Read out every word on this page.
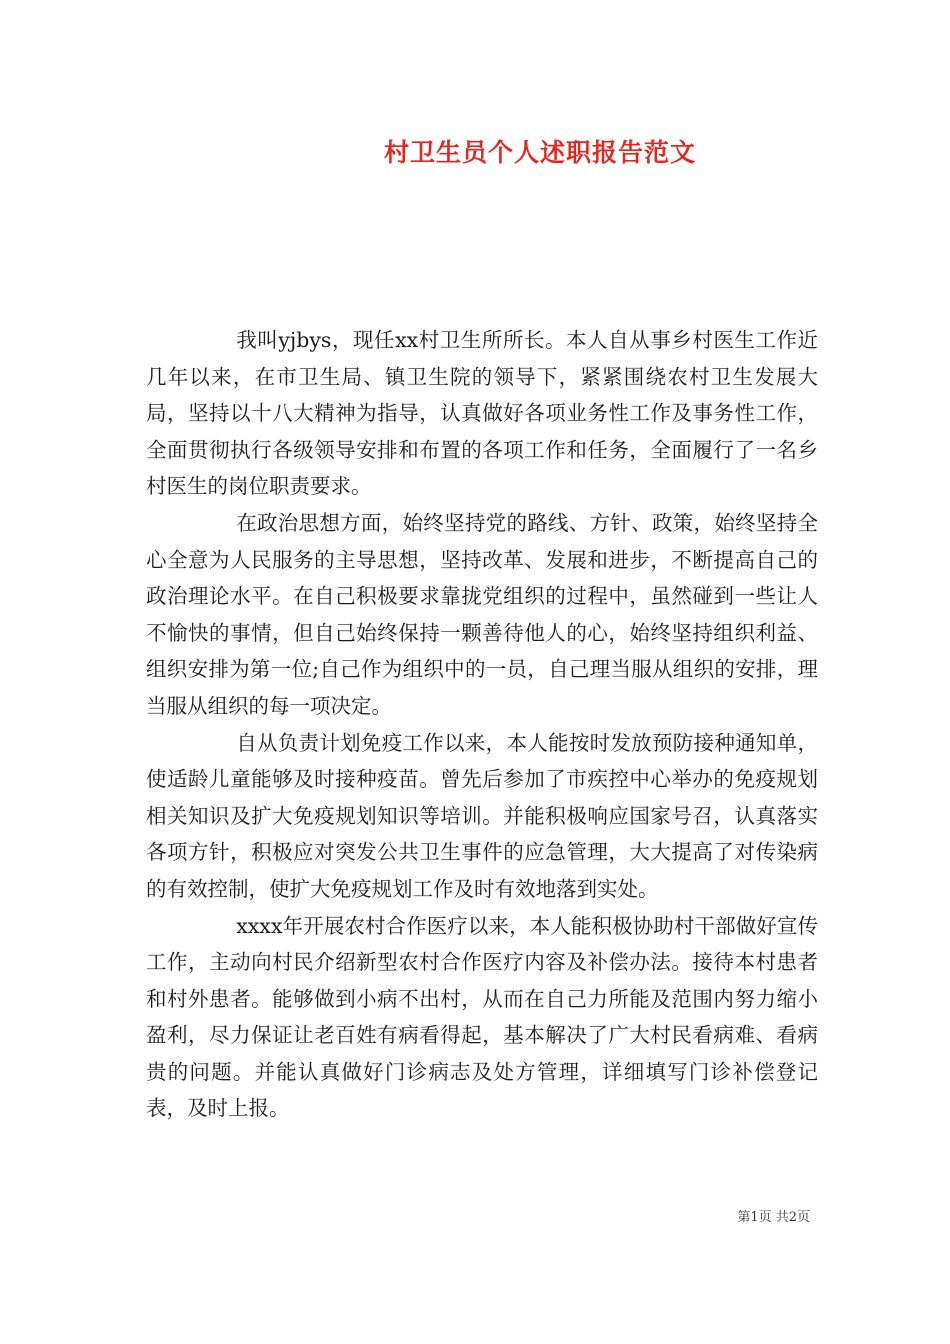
村卫生员个人述职报告范文

我叫yjbys，现任xx村卫生所所长。本人自从事乡村医生工作近几年以来，在市卫生局、镇卫生院的领导下，紧紧围绕农村卫生发展大局，坚持以十八大精神为指导，认真做好各项业务性工作及事务性工作，全面贯彻执行各级领导安排和布置的各项工作和任务，全面履行了一名乡村医生的岗位职责要求。

在政治思想方面，始终坚持党的路线、方针、政策，始终坚持全心全意为人民服务的主导思想，坚持改革、发展和进步，不断提高自己的政治理论水平。在自己积极要求靠拢党组织的过程中，虽然碰到一些让人不愉快的事情，但自己始终保持一颗善待他人的心，始终坚持组织利益、组织安排为第一位;自己作为组织中的一员，自己理当服从组织的安排，理当服从组织的每一项决定。

自从负责计划免疫工作以来，本人能按时发放预防接种通知单，使适龄儿童能够及时接种疫苗。曾先后参加了市疾控中心举办的免疫规划相关知识及扩大免疫规划知识等培训。并能积极响应国家号召，认真落实各项方针，积极应对突发公共卫生事件的应急管理，大大提高了对传染病的有效控制，使扩大免疫规划工作及时有效地落到实处。

xxxx年开展农村合作医疗以来，本人能积极协助村干部做好宣传工作，主动向村民介绍新型农村合作医疗内容及补偿办法。接待本村患者和村外患者。能够做到小病不出村，从而在自己力所能及范围内努力缩小盈利，尽力保证让老百姓有病看得起，基本解决了广大村民看病难、看病贵的问题。并能认真做好门诊病志及处方管理，详细填写门诊补偿登记表，及时上报。

第1页 共2页
